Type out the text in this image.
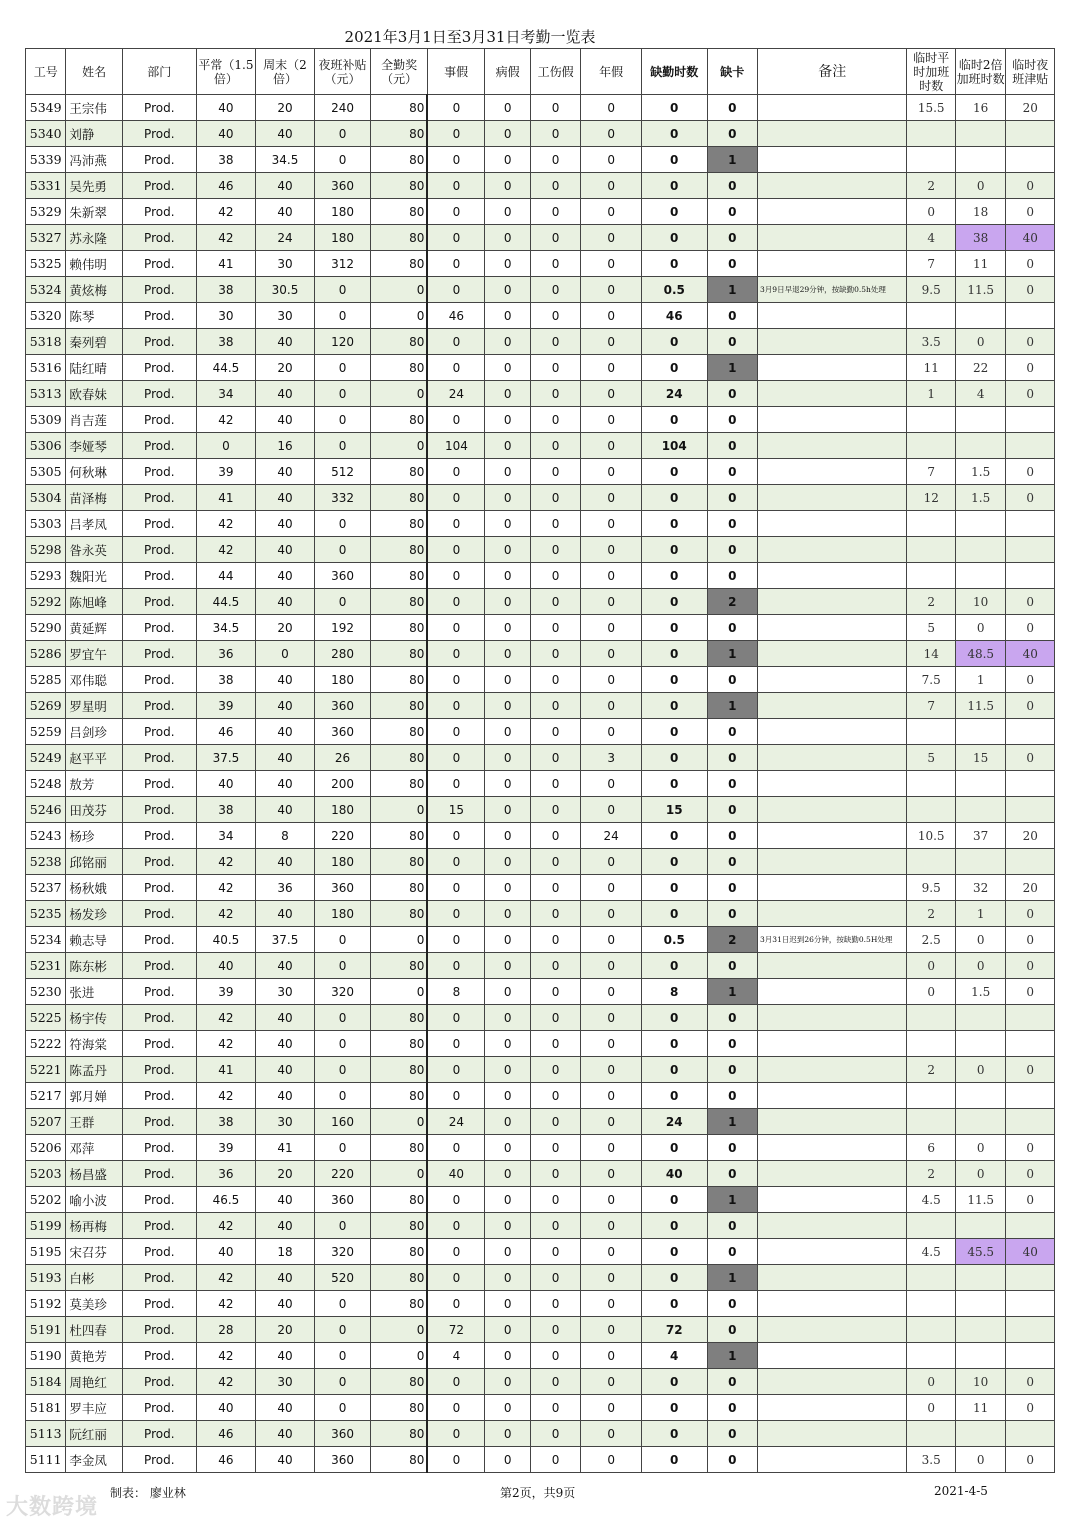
2021年3月1日至3月31日考勤一览表
工号	姓名	部门	平常（1.5倍）	周末（2倍）	夜班补贴（元）	全勤奖（元）	事假	病假	工伤假	年假	缺勤时数	缺卡	备注	临时平时加班时数	临时2倍加班时数	临时夜班津贴
5349	王宗伟	Prod.	40	20	240	80	0	0	0	0	0	0		15.5	16	20
5340	刘静	Prod.	40	40	0	80	0	0	0	0	0	0				
5339	冯沛燕	Prod.	38	34.5	0	80	0	0	0	0	0	1				
5331	吴先勇	Prod.	46	40	360	80	0	0	0	0	0	0		2	0	0
5329	朱新翠	Prod.	42	40	180	80	0	0	0	0	0	0		0	18	0
5327	苏永隆	Prod.	42	24	180	80	0	0	0	0	0	0		4	38	40
5325	赖伟明	Prod.	41	30	312	80	0	0	0	0	0	0		7	11	0
5324	黄炫梅	Prod.	38	30.5	0	0	0	0	0	0	0.5	1	3月9日早退29分钟，按缺勤0.5h处理	9.5	11.5	0
5320	陈琴	Prod.	30	30	0	0	46	0	0	0	46	0				
5318	秦列碧	Prod.	38	40	120	80	0	0	0	0	0	0		3.5	0	0
5316	陆红晴	Prod.	44.5	20	0	80	0	0	0	0	0	1		11	22	0
5313	欧春妹	Prod.	34	40	0	0	24	0	0	0	24	0		1	4	0
5309	肖吉莲	Prod.	42	40	0	80	0	0	0	0	0	0				
5306	李娅琴	Prod.	0	16	0	0	104	0	0	0	104	0				
5305	何秋琳	Prod.	39	40	512	80	0	0	0	0	0	0		7	1.5	0
5304	苗泽梅	Prod.	41	40	332	80	0	0	0	0	0	0		12	1.5	0
5303	吕孝凤	Prod.	42	40	0	80	0	0	0	0	0	0				
5298	昝永英	Prod.	42	40	0	80	0	0	0	0	0	0				
5293	魏阳光	Prod.	44	40	360	80	0	0	0	0	0	0				
5292	陈旭峰	Prod.	44.5	40	0	80	0	0	0	0	0	2		2	10	0
5290	黄延辉	Prod.	34.5	20	192	80	0	0	0	0	0	0		5	0	0
5286	罗宜午	Prod.	36	0	280	80	0	0	0	0	0	1		14	48.5	40
5285	邓伟聪	Prod.	38	40	180	80	0	0	0	0	0	0		7.5	1	0
5269	罗星明	Prod.	39	40	360	80	0	0	0	0	0	1		7	11.5	0
5259	吕剑珍	Prod.	46	40	360	80	0	0	0	0	0	0				
5249	赵平平	Prod.	37.5	40	26	80	0	0	0	3	0	0		5	15	0
5248	敖芳	Prod.	40	40	200	80	0	0	0	0	0	0				
5246	田茂芬	Prod.	38	40	180	0	15	0	0	0	15	0				
5243	杨珍	Prod.	34	8	220	80	0	0	0	24	0	0		10.5	37	20
5238	邱铭丽	Prod.	42	40	180	80	0	0	0	0	0	0				
5237	杨秋娥	Prod.	42	36	360	80	0	0	0	0	0	0		9.5	32	20
5235	杨发珍	Prod.	42	40	180	80	0	0	0	0	0	0		2	1	0
5234	赖志导	Prod.	40.5	37.5	0	0	0	0	0	0	0.5	2	3月31日迟到26分钟，按缺勤0.5H处理	2.5	0	0
5231	陈东彬	Prod.	40	40	0	80	0	0	0	0	0	0		0	0	0
5230	张进	Prod.	39	30	320	0	8	0	0	0	8	1		0	1.5	0
5225	杨宇传	Prod.	42	40	0	80	0	0	0	0	0	0				
5222	符海棠	Prod.	42	40	0	80	0	0	0	0	0	0				
5221	陈孟丹	Prod.	41	40	0	80	0	0	0	0	0	0		2	0	0
5217	郭月婵	Prod.	42	40	0	80	0	0	0	0	0	0				
5207	王群	Prod.	38	30	160	0	24	0	0	0	24	1				
5206	邓萍	Prod.	39	41	0	80	0	0	0	0	0	0		6	0	0
5203	杨昌盛	Prod.	36	20	220	0	40	0	0	0	40	0		2	0	0
5202	喻小波	Prod.	46.5	40	360	80	0	0	0	0	0	1		4.5	11.5	0
5199	杨再梅	Prod.	42	40	0	80	0	0	0	0	0	0				
5195	宋召芬	Prod.	40	18	320	80	0	0	0	0	0	0		4.5	45.5	40
5193	白彬	Prod.	42	40	520	80	0	0	0	0	0	1				
5192	莫美珍	Prod.	42	40	0	80	0	0	0	0	0	0				
5191	杜四春	Prod.	28	20	0	0	72	0	0	0	72	0				
5190	黄艳芳	Prod.	42	40	0	0	4	0	0	0	4	1				
5184	周艳红	Prod.	42	30	0	80	0	0	0	0	0	0		0	10	0
5181	罗丰应	Prod.	40	40	0	80	0	0	0	0	0	0		0	11	0
5113	阮红丽	Prod.	46	40	360	80	0	0	0	0	0	0				
5111	李金凤	Prod.	46	40	360	80	0	0	0	0	0	0		3.5	0	0
制表： 廖业林	第2页，共9页	2021-4-5
大数跨境
